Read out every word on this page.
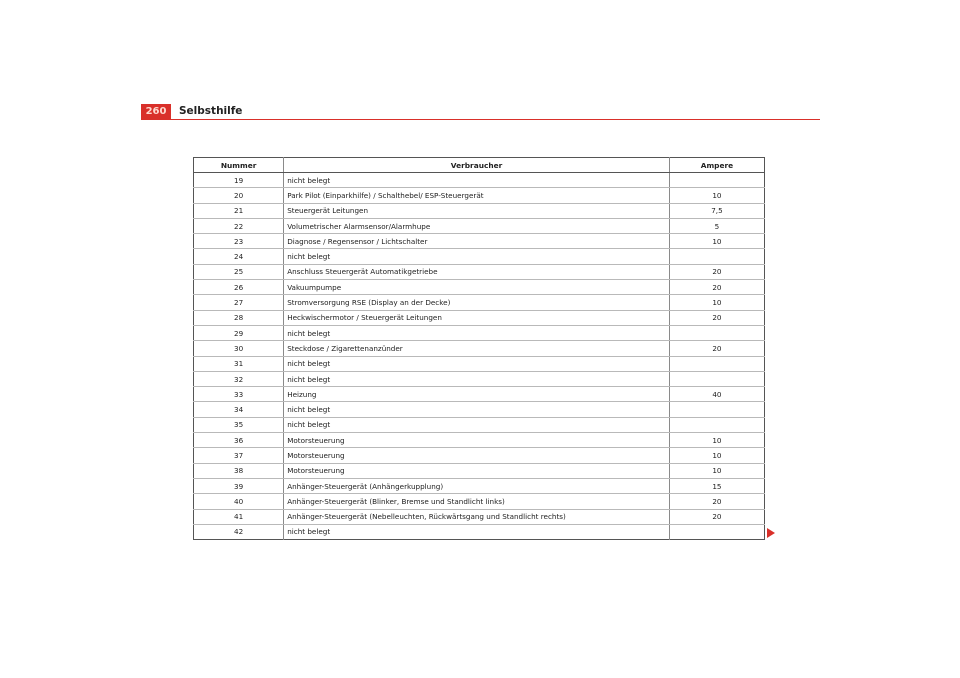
260	Selbsthilfe
Nummer	Verbraucher	Ampere
19	nicht belegt	
20	Park Pilot (Einparkhilfe) / Schalthebel/ ESP-Steuergerät	10
21	Steuergerät Leitungen	7,5
22	Volumetrischer Alarmsensor/Alarmhupe	5
23	Diagnose / Regensensor / Lichtschalter	10
24	nicht belegt	
25	Anschluss Steuergerät Automatikgetriebe	20
26	Vakuumpumpe	20
27	Stromversorgung RSE (Display an der Decke)	10
28	Heckwischermotor / Steuergerät Leitungen	20
29	nicht belegt	
30	Steckdose / Zigarettenanzünder	20
31	nicht belegt	
32	nicht belegt	
33	Heizung	40
34	nicht belegt	
35	nicht belegt	
36	Motorsteuerung	10
37	Motorsteuerung	10
38	Motorsteuerung	10
39	Anhänger-Steuergerät (Anhängerkupplung)	15
40	Anhänger-Steuergerät (Blinker, Bremse und Standlicht links)	20
41	Anhänger-Steuergerät (Nebelleuchten, Rückwärtsgang und Standlicht rechts)	20
42	nicht belegt	
